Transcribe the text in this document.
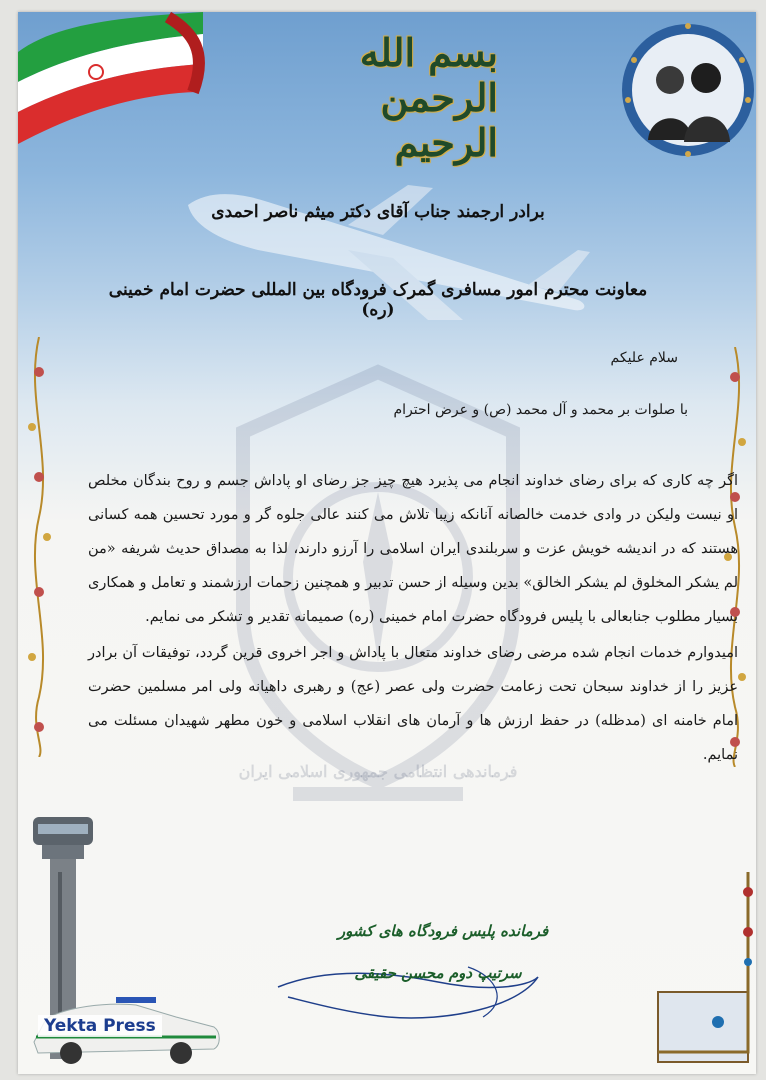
بسم الله الرحمن الرحیم
فرماندهی انتظامی جمهوری اسلامی ایران
برادر ارجمند جناب آقای دکتر میثم ناصر احمدی
معاونت محترم امور مسافری گمرک فرودگاه بین المللی حضرت امام خمینی (ره)
سلام علیکم
با صلوات بر محمد و آل محمد (ص) و عرض احترام

اگر چه کاری که برای رضای خداوند انجام می پذیرد هیچ چیز جز رضای او پاداش جسم و روح بندگان مخلص او نیست ولیکن در وادی خدمت خالصانه آنانکه زیبا تلاش می کنند عالی جلوه گر و مورد تحسین همه کسانی هستند که در اندیشه خویش عزت و سربلندی ایران اسلامی را آرزو دارند، لذا به مصداق حدیث شریفه «من لم یشکر المخلوق لم یشکر الخالق» بدین وسیله از حسن تدبیر و همچنین زحمات ارزشمند و تعامل و همکاری بسیار مطلوب جنابعالی با پلیس فرودگاه حضرت امام خمینی (ره) صمیمانه تقدیر و تشکر می نمایم.

امیدوارم خدمات انجام شده مرضی رضای خداوند متعال با پاداش و اجر اخروی قرین گردد، توفیقات آن برادر عزیز را از خداوند سبحان تحت زعامت حضرت ولی عصر (عج) و رهبری داهیانه ولی امر مسلمین حضرت امام خامنه ای (مدظله) در حفظ ارزش ها و آرمان های انقلاب اسلامی و خون مطهر شهیدان مسئلت می نمایم.

فرمانده پلیس فرودگاه های کشور
سرتیپ دوم محسن حقیقی
Yekta Press
